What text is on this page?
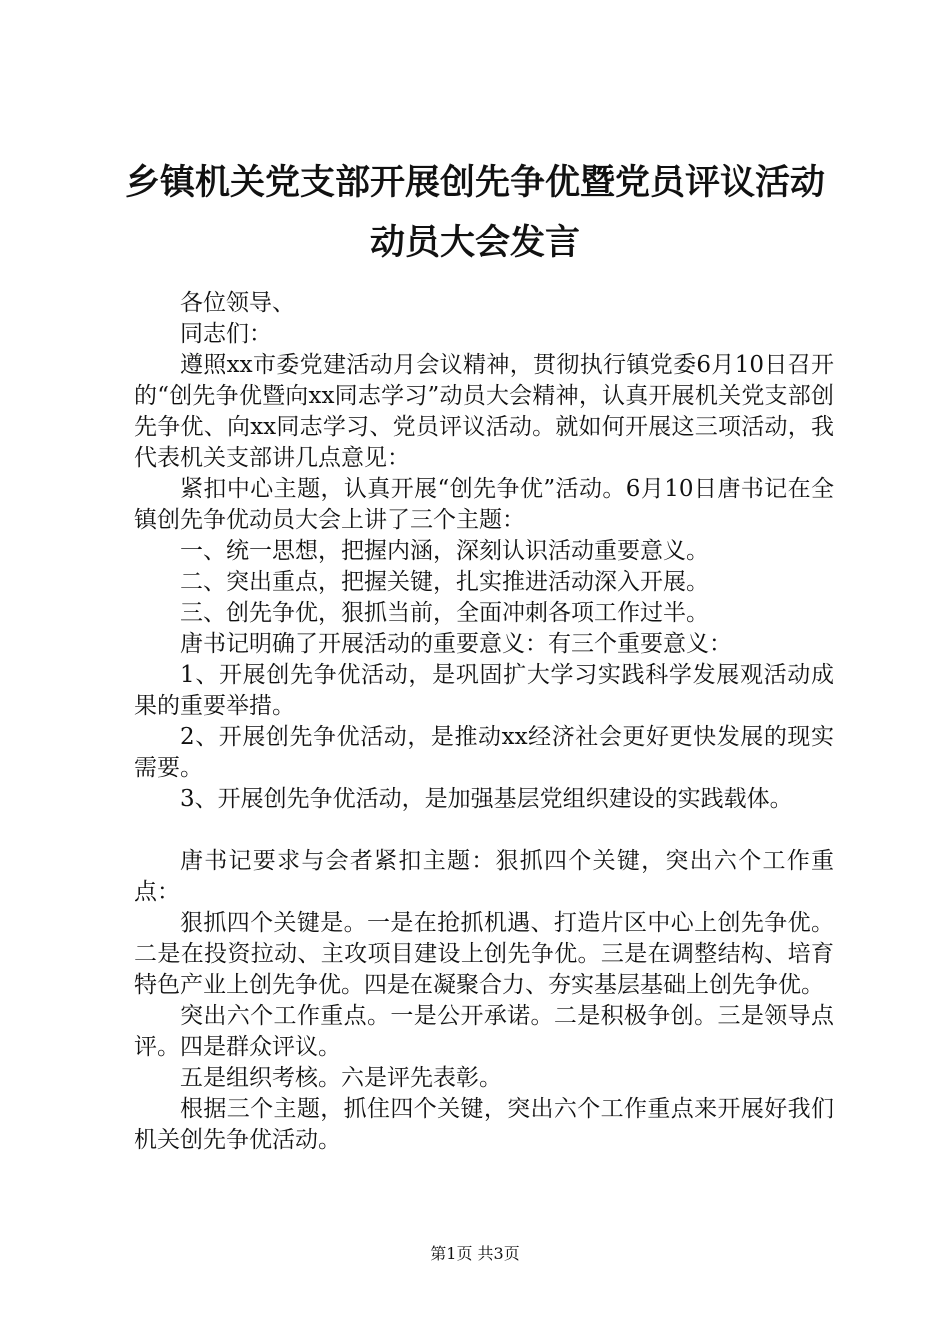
乡镇机关党支部开展创先争优暨党员评议活动
动员大会发言

各位领导、

同志们：

遵照xx市委党建活动月会议精神，贯彻执行镇党委6月10日召开的“创先争优暨向xx同志学习”动员大会精神，认真开展机关党支部创先争优、向xx同志学习、党员评议活动。就如何开展这三项活动，我代表机关支部讲几点意见：

紧扣中心主题，认真开展“创先争优”活动。6月10日唐书记在全镇创先争优动员大会上讲了三个主题：

一、统一思想，把握内涵，深刻认识活动重要意义。

二、突出重点，把握关键，扎实推进活动深入开展。

三、创先争优，狠抓当前，全面冲刺各项工作过半。

唐书记明确了开展活动的重要意义：有三个重要意义：

1、开展创先争优活动，是巩固扩大学习实践科学发展观活动成果的重要举措。

2、开展创先争优活动，是推动xx经济社会更好更快发展的现实需要。

3、开展创先争优活动，是加强基层党组织建设的实践载体。

唐书记要求与会者紧扣主题：狠抓四个关键，突出六个工作重点：

狠抓四个关键是。一是在抢抓机遇、打造片区中心上创先争优。二是在投资拉动、主攻项目建设上创先争优。三是在调整结构、培育特色产业上创先争优。四是在凝聚合力、夯实基层基础上创先争优。

突出六个工作重点。一是公开承诺。二是积极争创。三是领导点评。四是群众评议。

五是组织考核。六是评先表彰。

根据三个主题，抓住四个关键，突出六个工作重点来开展好我们机关创先争优活动。

第1页 共3页
